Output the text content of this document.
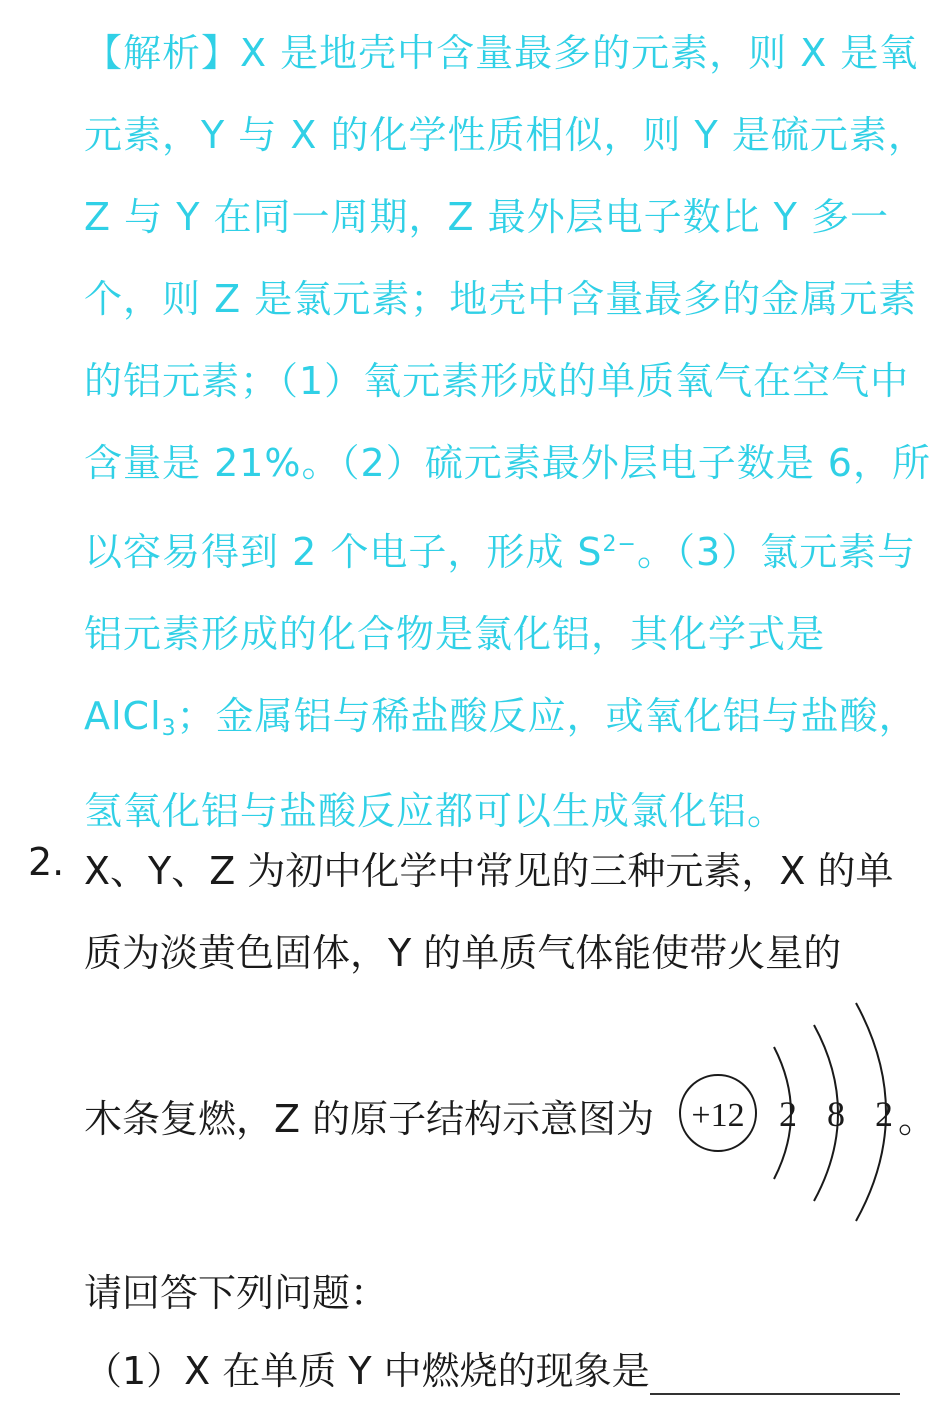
【解析】X 是地壳中含量最多的元素，则 X 是氧

元素，Y 与 X 的化学性质相似，则 Y 是硫元素，

Z 与 Y 在同一周期，Z 最外层电子数比 Y 多一

个，则 Z 是氯元素；地壳中含量最多的金属元素

的铝元素；（1）氧元素形成的单质氧气在空气中

含量是 21%。（2）硫元素最外层电子数是 6，所

以容易得到 2 个电子，形成 $S^{2-}$。（3）氯元素与

铝元素形成的化合物是氯化铝，其化学式是

AlCl$_3$；金属铝与稀盐酸反应，或氧化铝与盐酸，

氢氧化铝与盐酸反应都可以生成氯化铝。

2. X、Y、Z 为初中化学中常见的三种元素，X 的单
质为淡黄色固体，Y 的单质气体能使带火星的
木条复燃，Z 的原子结构示意图为	。
请回答下列问题：
（1）X 在单质 Y 中燃烧的现象是
+12 2 8 2
